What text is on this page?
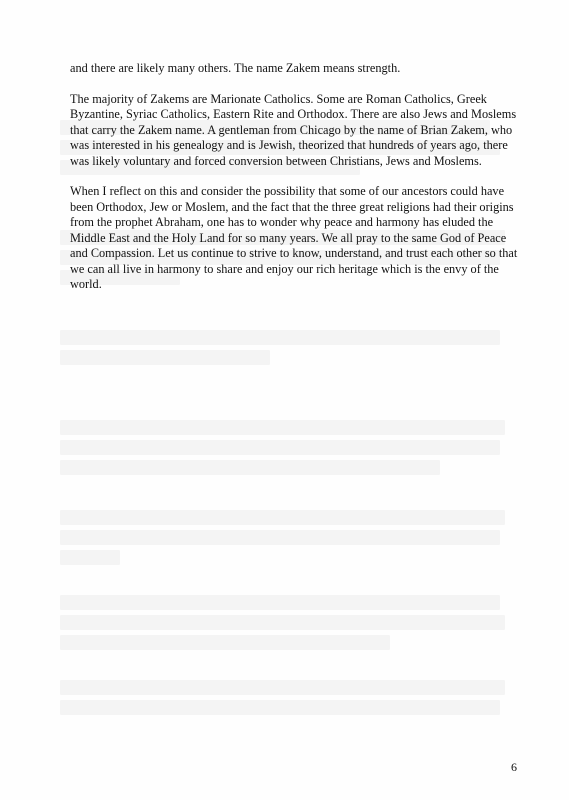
and there are likely many others. The name Zakem means strength.

The majority of Zakems are Marionate Catholics. Some are Roman Catholics, Greek Byzantine, Syriac Catholics, Eastern Rite and Orthodox. There are also Jews and Moslems that carry the Zakem name. A gentleman from Chicago by the name of Brian Zakem, who was interested in his genealogy and is Jewish, theorized that hundreds of years ago, there was likely voluntary and forced conversion between Christians, Jews and Moslems.

When I reflect on this and consider the possibility that some of our ancestors could have been Orthodox, Jew or Moslem, and the fact that the three great religions had their origins from the prophet Abraham, one has to wonder why peace and harmony has eluded the Middle East and the Holy Land for so many years. We all pray to the same God of Peace and Compassion. Let us continue to strive to know, understand, and trust each other so that we can all live in harmony to share and enjoy our rich heritage which is the envy of the world.

6
